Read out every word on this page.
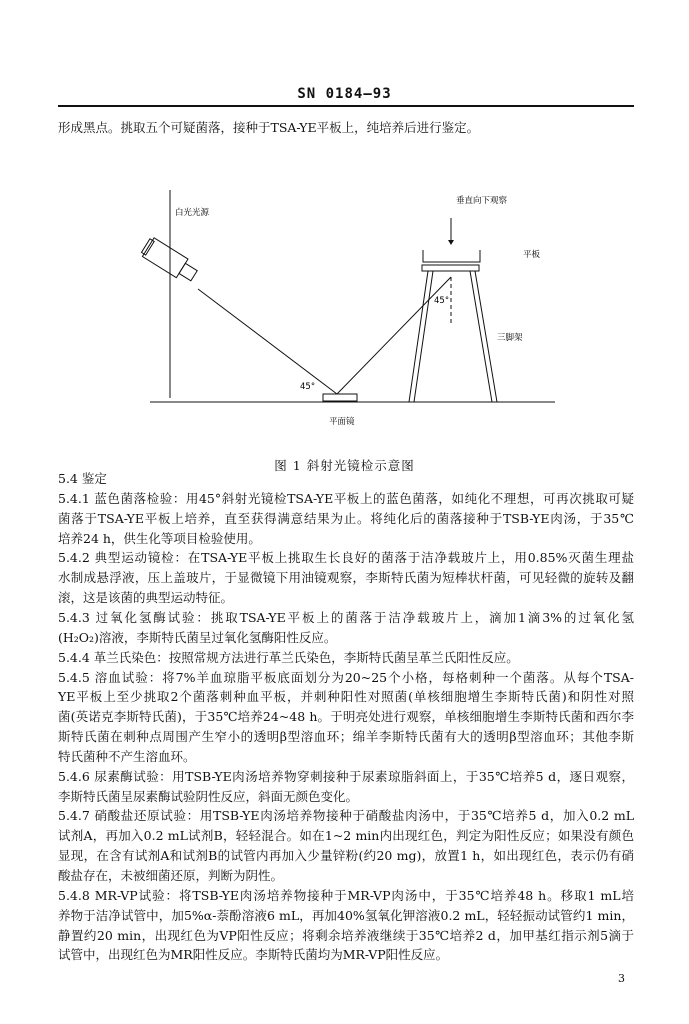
SN 0184—93
形成黑点。挑取五个可疑菌落，接种于TSA-YE平板上，纯培养后进行鉴定。
白光光源
垂直向下观察
平板
三脚架
平面镜
45°
45°
图 1 斜射光镜检示意图
5.4 鉴定
5.4.1 蓝色菌落检验：用45°斜射光镜检TSA-YE平板上的蓝色菌落，如纯化不理想，可再次挑取可疑
菌落于TSA-YE平板上培养，直至获得满意结果为止。将纯化后的菌落接种于TSB-YE肉汤，于35℃
培养24 h，供生化等项目检验使用。
5.4.2 典型运动镜检：在TSA-YE平板上挑取生长良好的菌落于洁净载玻片上，用0.85%灭菌生理盐
水制成悬浮液，压上盖玻片，于显微镜下用油镜观察，李斯特氏菌为短棒状杆菌，可见轻微的旋转及翻
滚，这是该菌的典型运动特征。
5.4.3 过氧化氢酶试验：挑取TSA-YE平板上的菌落于洁净载玻片上，滴加1滴3%的过氧化氢
(H₂O₂)溶液，李斯特氏菌呈过氧化氢酶阳性反应。
5.4.4 革兰氏染色：按照常规方法进行革兰氏染色，李斯特氏菌呈革兰氏阳性反应。
5.4.5 溶血试验：将7%羊血琼脂平板底面划分为20~25个小格，每格刺种一个菌落。从每个TSA-
YE平板上至少挑取2个菌落刺种血平板，并刺种阳性对照菌(单核细胞增生李斯特氏菌)和阴性对照
菌(英诺克李斯特氏菌)，于35℃培养24~48 h。于明亮处进行观察，单核细胞增生李斯特氏菌和西尔李
斯特氏菌在刺种点周围产生窄小的透明β型溶血环；绵羊李斯特氏菌有大的透明β型溶血环；其他李斯
特氏菌种不产生溶血环。
5.4.6 尿素酶试验：用TSB-YE肉汤培养物穿刺接种于尿素琼脂斜面上，于35℃培养5 d，逐日观察，
李斯特氏菌呈尿素酶试验阴性反应，斜面无颜色变化。
5.4.7 硝酸盐还原试验：用TSB-YE肉汤培养物接种于硝酸盐肉汤中，于35℃培养5 d，加入0.2 mL
试剂A，再加入0.2 mL试剂B，轻轻混合。如在1~2 min内出现红色，判定为阳性反应；如果没有颜色
显现，在含有试剂A和试剂B的试管内再加入少量锌粉(约20 mg)，放置1 h，如出现红色，表示仍有硝
酸盐存在，未被细菌还原，判断为阴性。
5.4.8 MR-VP试验：将TSB-YE肉汤培养物接种于MR-VP肉汤中，于35℃培养48 h。移取1 mL培
养物于洁净试管中，加5%α-萘酚溶液6 mL，再加40%氢氧化钾溶液0.2 mL，轻轻振动试管约1 min，
静置约20 min，出现红色为VP阳性反应；将剩余培养液继续于35℃培养2 d，加甲基红指示剂5滴于
试管中，出现红色为MR阳性反应。李斯特氏菌均为MR-VP阳性反应。
3
